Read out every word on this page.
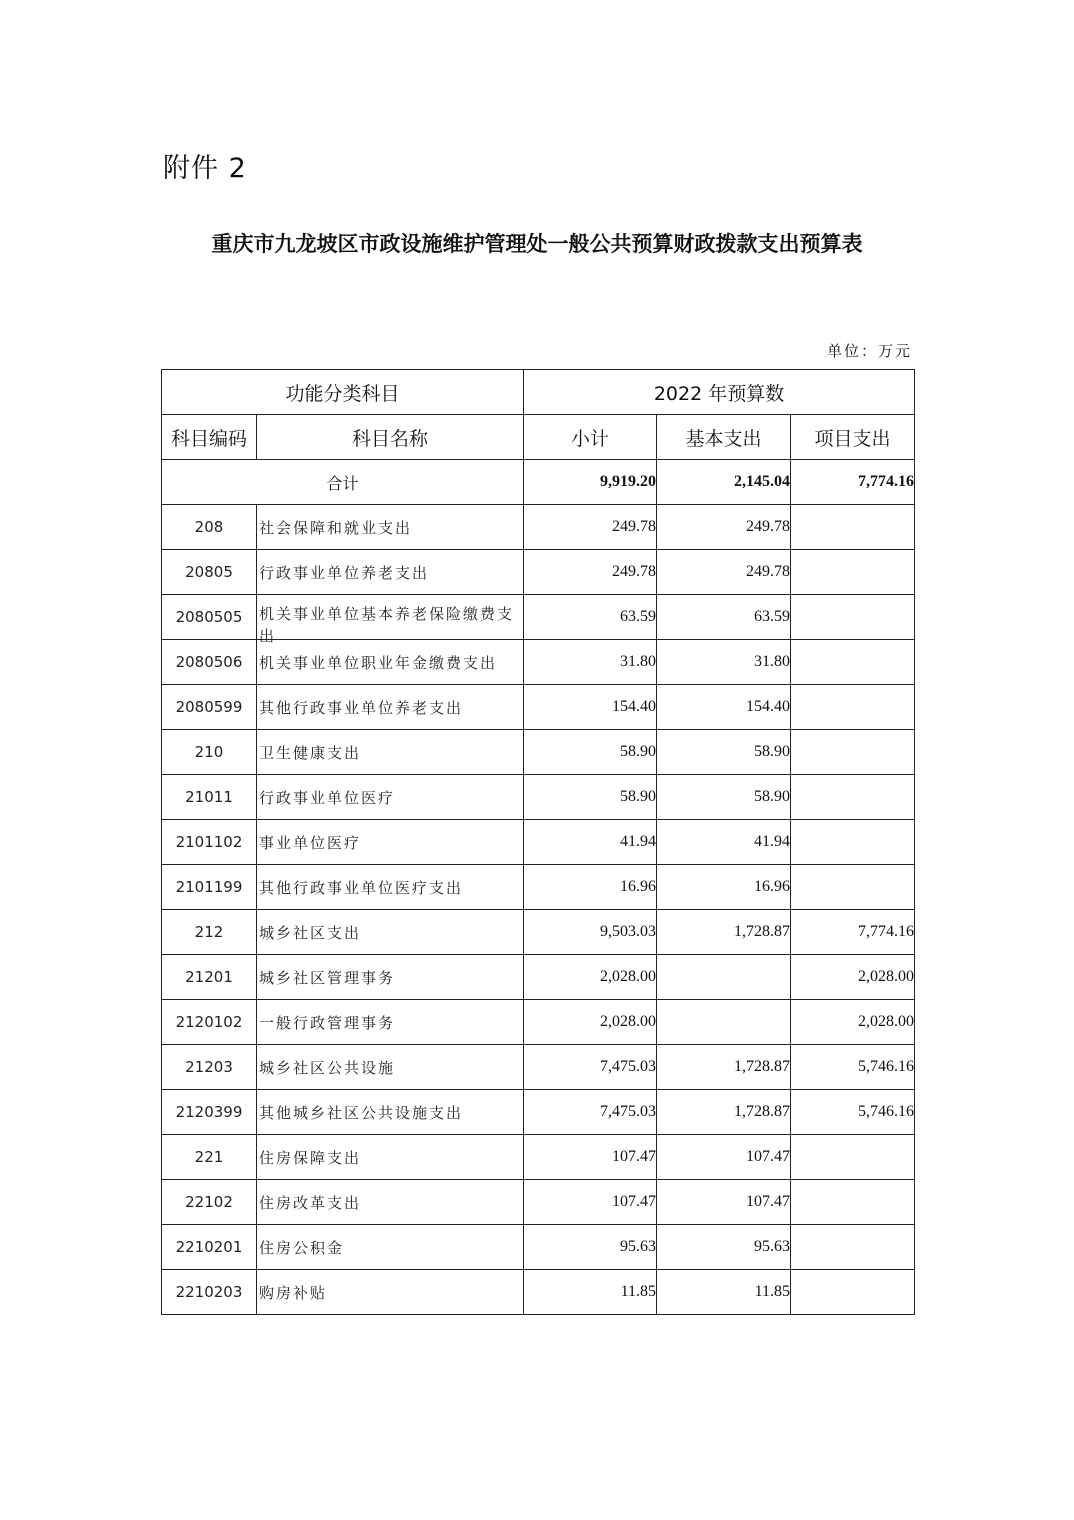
附件 2
重庆市九龙坡区市政设施维护管理处一般公共预算财政拨款支出预算表
单位：万元
功能分类科目		2022 年预算数		
科目编码	科目名称	小计	基本支出	项目支出
合计		9,919.20	2,145.04	7,774.16
208	社会保障和就业支出	249.78	249.78	
20805	行政事业单位养老支出	249.78	249.78	
2080505	机关事业单位基本养老保险缴费支出	63.59	63.59	
2080506	机关事业单位职业年金缴费支出	31.80	31.80	
2080599	其他行政事业单位养老支出	154.40	154.40	
210	卫生健康支出	58.90	58.90	
21011	行政事业单位医疗	58.90	58.90	
2101102	事业单位医疗	41.94	41.94	
2101199	其他行政事业单位医疗支出	16.96	16.96	
212	城乡社区支出	9,503.03	1,728.87	7,774.16
21201	城乡社区管理事务	2,028.00		2,028.00
2120102	一般行政管理事务	2,028.00		2,028.00
21203	城乡社区公共设施	7,475.03	1,728.87	5,746.16
2120399	其他城乡社区公共设施支出	7,475.03	1,728.87	5,746.16
221	住房保障支出	107.47	107.47	
22102	住房改革支出	107.47	107.47	
2210201	住房公积金	95.63	95.63	
2210203	购房补贴	11.85	11.85	
